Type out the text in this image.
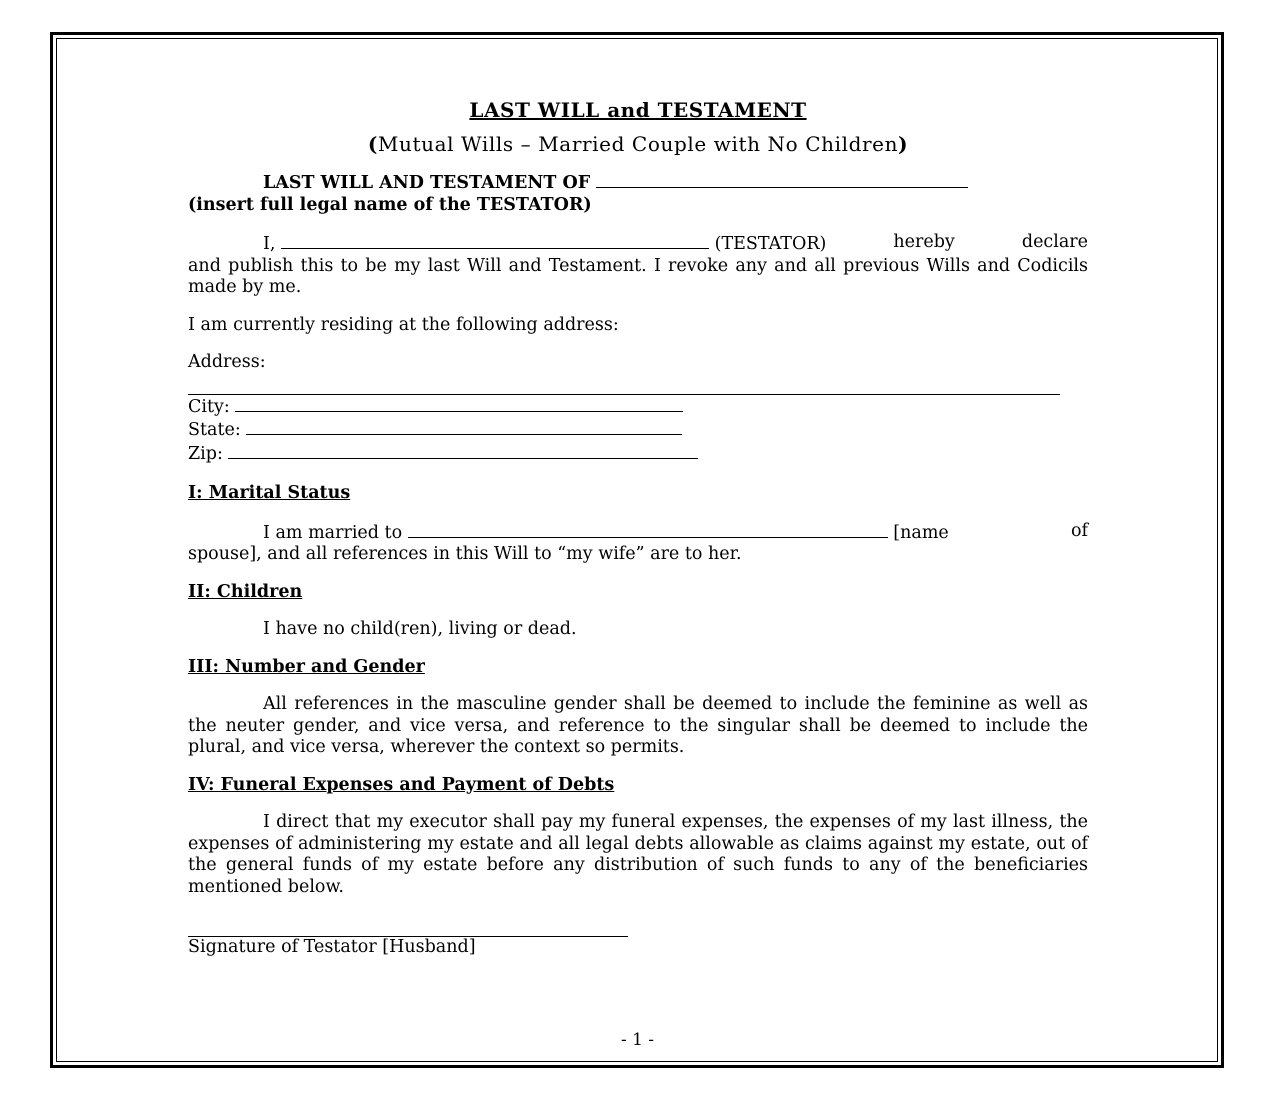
LAST WILL and TESTAMENT
(Mutual Wills – Married Couple with No Children)

LAST WILL AND TESTAMENT OF

(insert full legal name of the TESTATOR)

I,	(TESTATOR)	hereby	declare

and publish this to be my last Will and Testament. I revoke any and all previous Wills and Codicils made by me.

I am currently residing at the following address:

Address:

City:

State:

Zip:

I: Marital Status

I am married to	[name	of

spouse], and all references in this Will to “my wife” are to her.

II: Children

I have no child(ren), living or dead.

III: Number and Gender

All references in the masculine gender shall be deemed to include the feminine as well as the neuter gender, and vice versa, and reference to the singular shall be deemed to include the plural, and vice versa, wherever the context so permits.

IV: Funeral Expenses and Payment of Debts

I direct that my executor shall pay my funeral expenses, the expenses of my last illness, the expenses of administering my estate and all legal debts allowable as claims against my estate, out of the general funds of my estate before any distribution of such funds to any of the beneficiaries mentioned below.

Signature of Testator [Husband]

- 1 -
